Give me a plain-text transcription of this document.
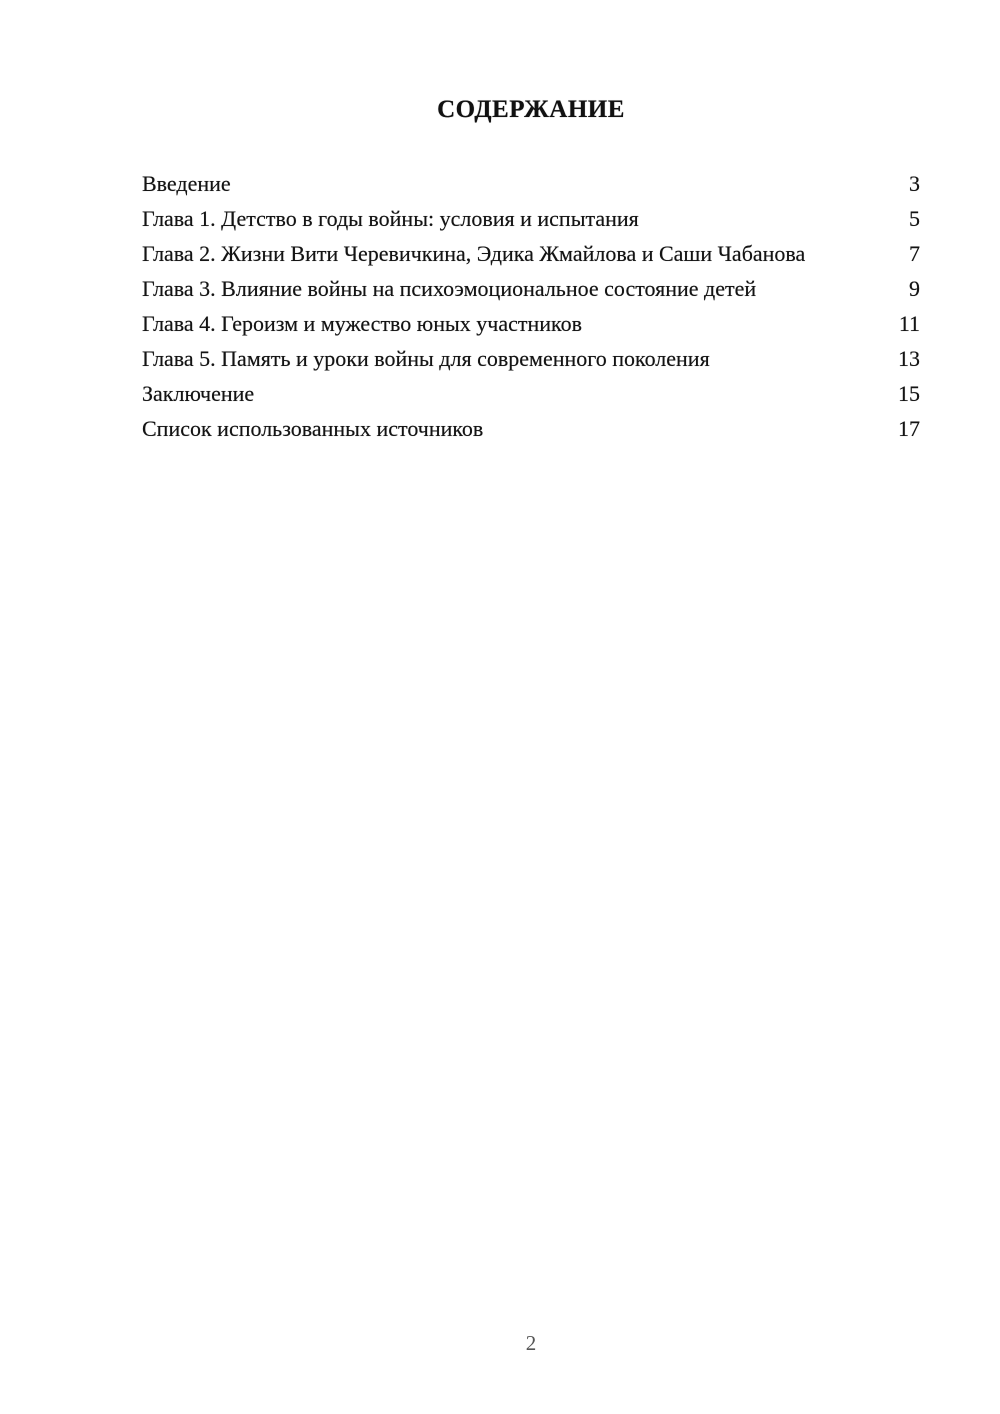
СОДЕРЖАНИЕ
Введение	3
Глава 1. Детство в годы войны: условия и испытания	5
Глава 2. Жизни Вити Черевичкина, Эдика Жмайлова и Саши Чабанова	7
Глава 3. Влияние войны на психоэмоциональное состояние детей	9
Глава 4. Героизм и мужество юных участников	11
Глава 5. Память и уроки войны для современного поколения	13
Заключение	15
Список использованных источников	17
2
